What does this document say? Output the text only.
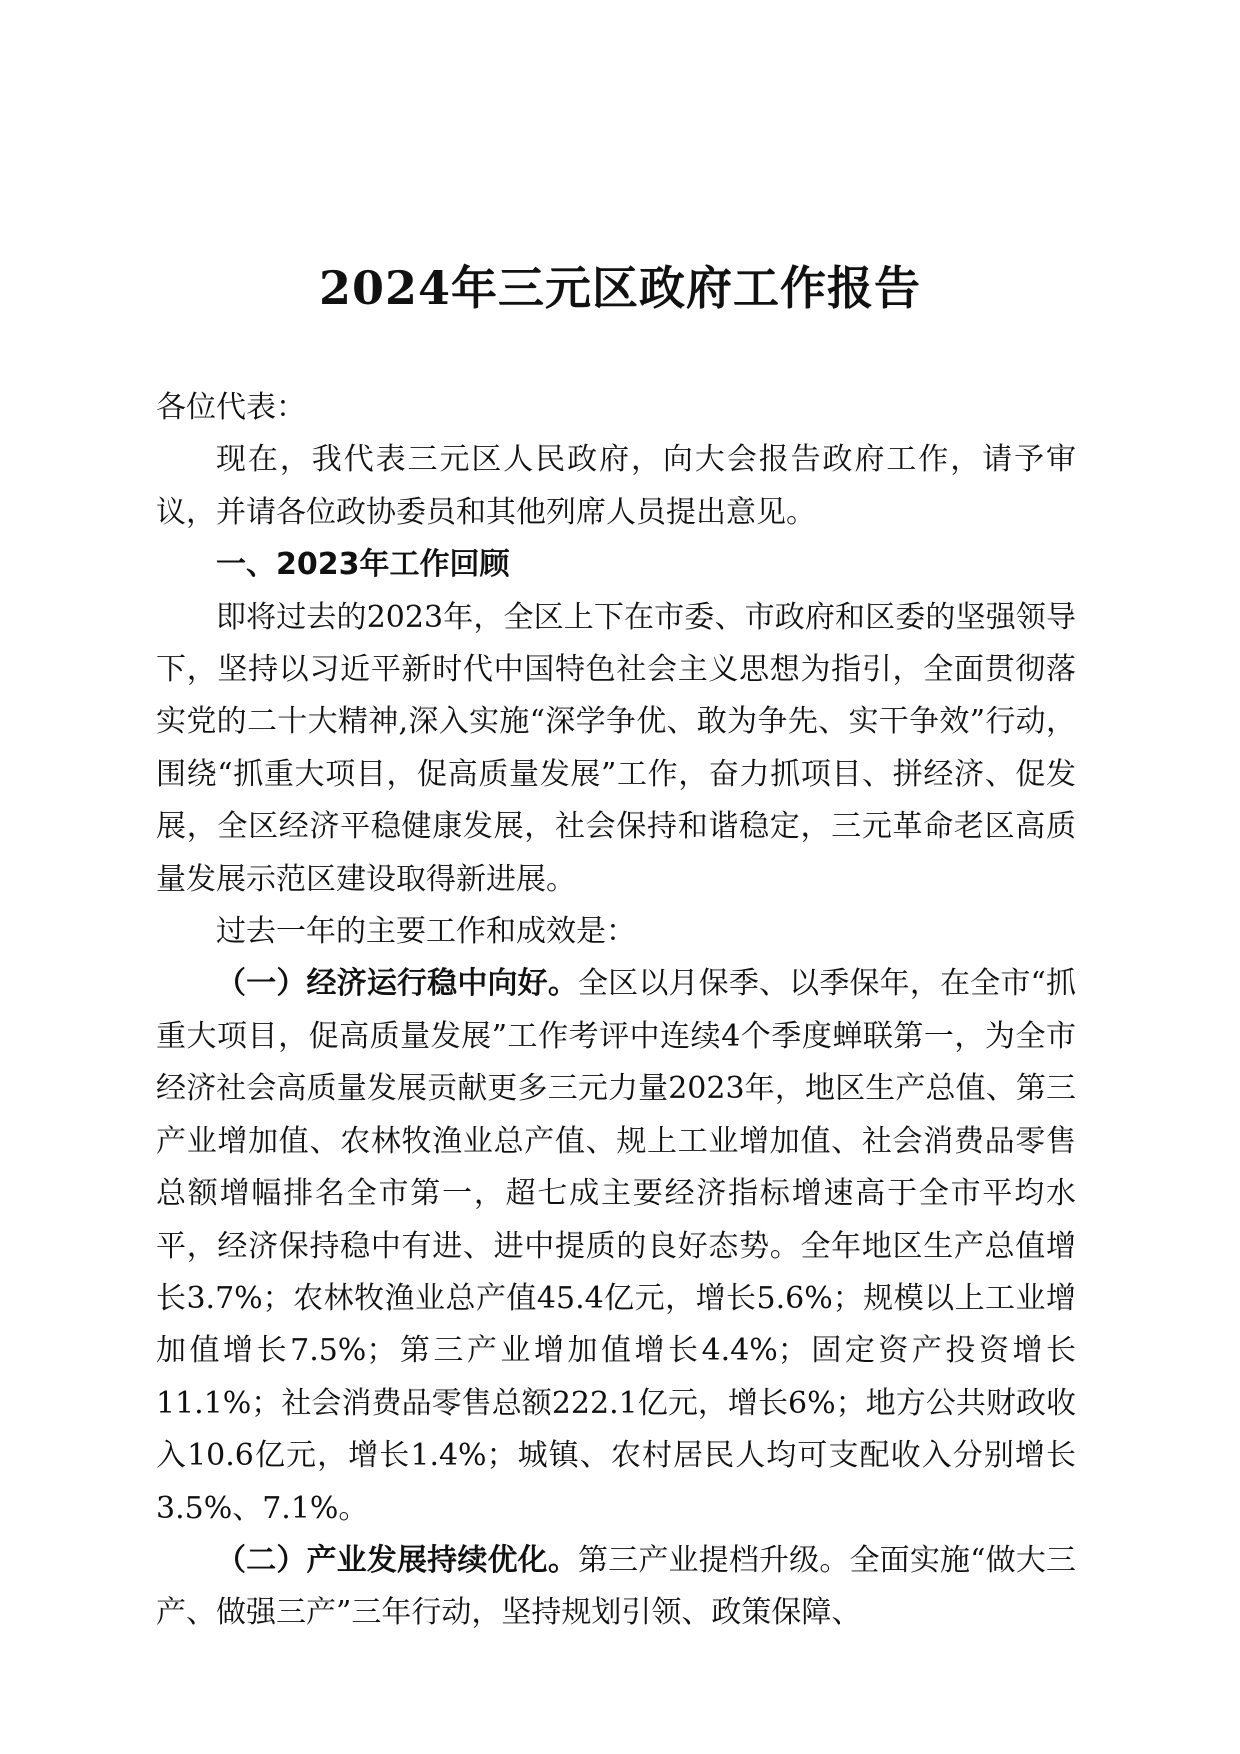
2024年三元区政府工作报告

各位代表：

现在，我代表三元区人民政府，向大会报告政府工作，请予审议，并请各位政协委员和其他列席人员提出意见。

一、2023年工作回顾

即将过去的2023年，全区上下在市委、市政府和区委的坚强领导下，坚持以习近平新时代中国特色社会主义思想为指引，全面贯彻落实党的二十大精神,深入实施“深学争优、敢为争先、实干争效”行动，围绕“抓重大项目，促高质量发展”工作，奋力抓项目、拼经济、促发展，全区经济平稳健康发展，社会保持和谐稳定，三元革命老区高质量发展示范区建设取得新进展。

过去一年的主要工作和成效是：

（一）经济运行稳中向好。全区以月保季、以季保年，在全市“抓重大项目，促高质量发展”工作考评中连续4个季度蝉联第一，为全市经济社会高质量发展贡献更多三元力量2023年，地区生产总值、第三产业增加值、农林牧渔业总产值、规上工业增加值、社会消费品零售总额增幅排名全市第一，超七成主要经济指标增速高于全市平均水平，经济保持稳中有进、进中提质的良好态势。全年地区生产总值增长3.7%；农林牧渔业总产值45.4亿元，增长5.6%；规模以上工业增加值增长7.5%；第三产业增加值增长4.4%；固定资产投资增长11.1%；社会消费品零售总额222.1亿元，增长6%；地方公共财政收入10.6亿元，增长1.4%；城镇、农村居民人均可支配收入分别增长3.5%、7.1%。

（二）产业发展持续优化。第三产业提档升级。全面实施“做大三产、做强三产”三年行动，坚持规划引领、政策保障、
